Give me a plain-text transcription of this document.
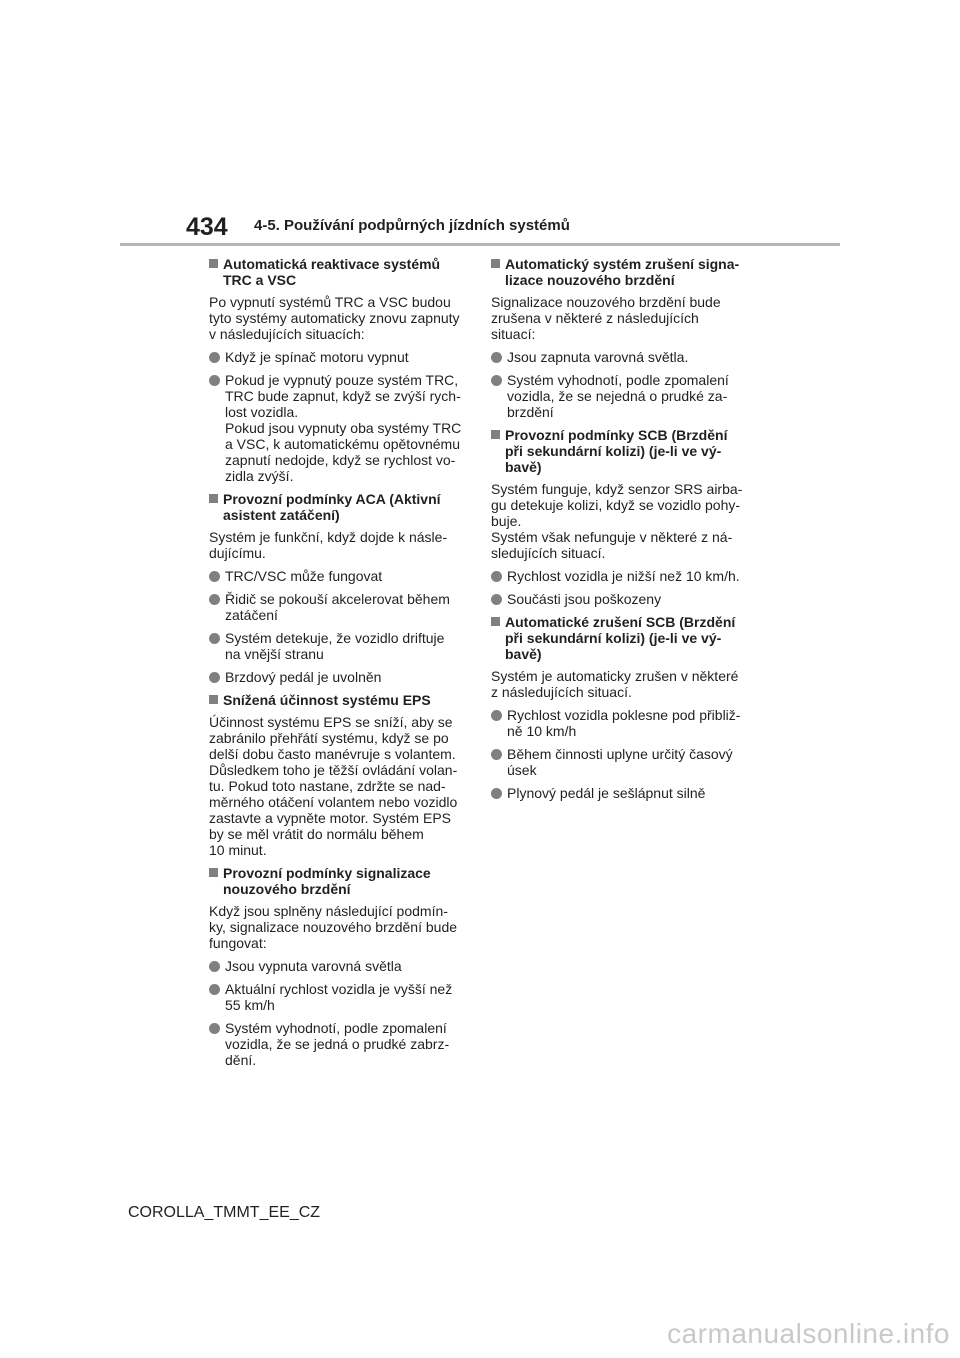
434 4-5. Používání podpůrných jízdních systémů
Automatická reaktivace systémů
TRC a VSC
Po vypnutí systémů TRC a VSC budou
tyto systémy automaticky znovu zapnuty
v následujících situacích:
Když je spínač motoru vypnut
Pokud je vypnutý pouze systém TRC,
TRC bude zapnut, když se zvýší rych-
lost vozidla.
Pokud jsou vypnuty oba systémy TRC
a VSC, k automatickému opětovnému
zapnutí nedojde, když se rychlost vo-
zidla zvýší.
Provozní podmínky ACA (Aktivní
asistent zatáčení)
Systém je funkční, když dojde k násle-
dujícímu.
TRC/VSC může fungovat
Řidič se pokouší akcelerovat během
zatáčení
Systém detekuje, že vozidlo driftuje
na vnější stranu
Brzdový pedál je uvolněn
Snížená účinnost systému EPS
Účinnost systému EPS se sníží, aby se
zabránilo přehřátí systému, když se po
delší dobu často manévruje s volantem.
Důsledkem toho je těžší ovládání volan-
tu. Pokud toto nastane, zdržte se nad-
měrného otáčení volantem nebo vozidlo
zastavte a vypněte motor. Systém EPS
by se měl vrátit do normálu během
10 minut.
Provozní podmínky signalizace
nouzového brzdění
Když jsou splněny následující podmín-
ky, signalizace nouzového brzdění bude
fungovat:
Jsou vypnuta varovná světla
Aktuální rychlost vozidla je vyšší než
55 km/h
Systém vyhodnotí, podle zpomalení
vozidla, že se jedná o prudké zabrz-
dění.
Automatický systém zrušení signa-
lizace nouzového brzdění
Signalizace nouzového brzdění bude
zrušena v některé z následujících
situací:
Jsou zapnuta varovná světla.
Systém vyhodnotí, podle zpomalení
vozidla, že se nejedná o prudké za-
brzdění
Provozní podmínky SCB (Brzdění
při sekundární kolizi) (je-li ve vý-
bavě)
Systém funguje, když senzor SRS airba-
gu detekuje kolizi, když se vozidlo pohy-
buje.
Systém však nefunguje v některé z ná-
sledujících situací.
Rychlost vozidla je nižší než 10 km/h.
Součásti jsou poškozeny
Automatické zrušení SCB (Brzdění
při sekundární kolizi) (je-li ve vý-
bavě)
Systém je automaticky zrušen v některé
z následujících situací.
Rychlost vozidla poklesne pod přibliž-
ně 10 km/h
Během činnosti uplyne určitý časový
úsek
Plynový pedál je sešlápnut silně
COROLLA_TMMT_EE_CZ
carmanualsonline.info
